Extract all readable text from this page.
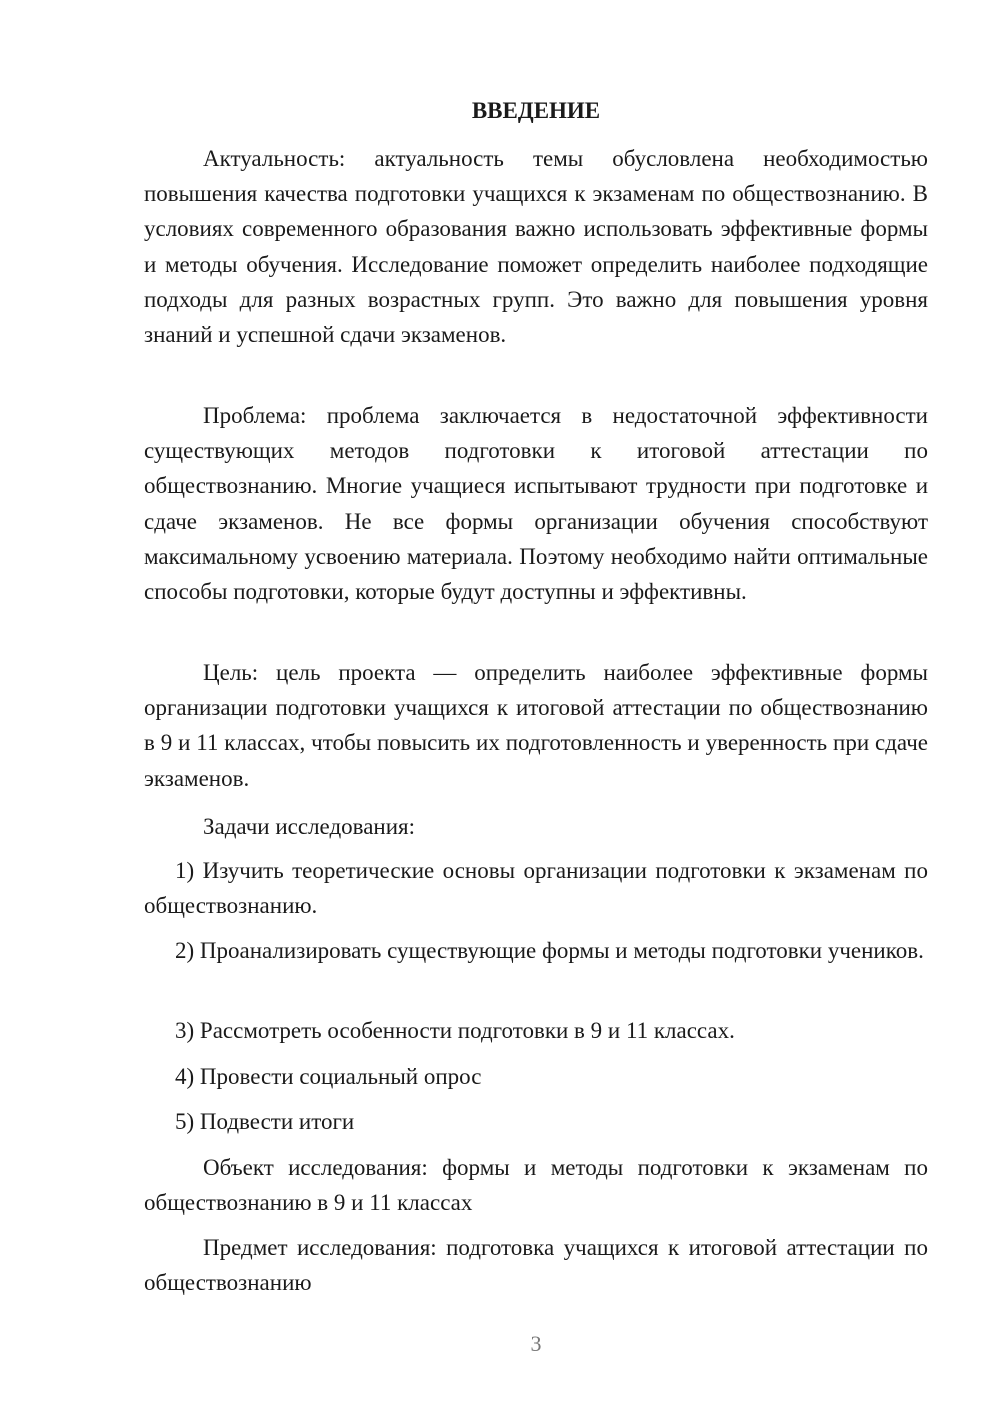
ВВЕДЕНИЕ

Актуальность: актуальность темы обусловлена необходимостью повышения качества подготовки учащихся к экзаменам по обществознанию. В условиях современного образования важно использовать эффективные формы и методы обучения. Исследование поможет определить наиболее подходящие подходы для разных возрастных групп. Это важно для повышения уровня знаний и успешной сдачи экзаменов.

Проблема: проблема заключается в недостаточной эффективности существующих методов подготовки к итоговой аттестации по обществознанию. Многие учащиеся испытывают трудности при подготовке и сдаче экзаменов. Не все формы организации обучения способствуют максимальному усвоению материала. Поэтому необходимо найти оптимальные способы подготовки, которые будут доступны и эффективны.

Цель: цель проекта — определить наиболее эффективные формы организации подготовки учащихся к итоговой аттестации по обществознанию в 9 и 11 классах, чтобы повысить их подготовленность и уверенность при сдаче экзаменов.

Задачи исследования:

1) Изучить теоретические основы организации подготовки к экзаменам по обществознанию.

2) Проанализировать существующие формы и методы подготовки учеников.

3) Рассмотреть особенности подготовки в 9 и 11 классах.

4) Провести социальный опрос

5) Подвести итоги

Объект исследования: формы и методы подготовки к экзаменам по обществознанию в 9 и 11 классах

Предмет исследования: подготовка учащихся к итоговой аттестации по обществознанию

3
